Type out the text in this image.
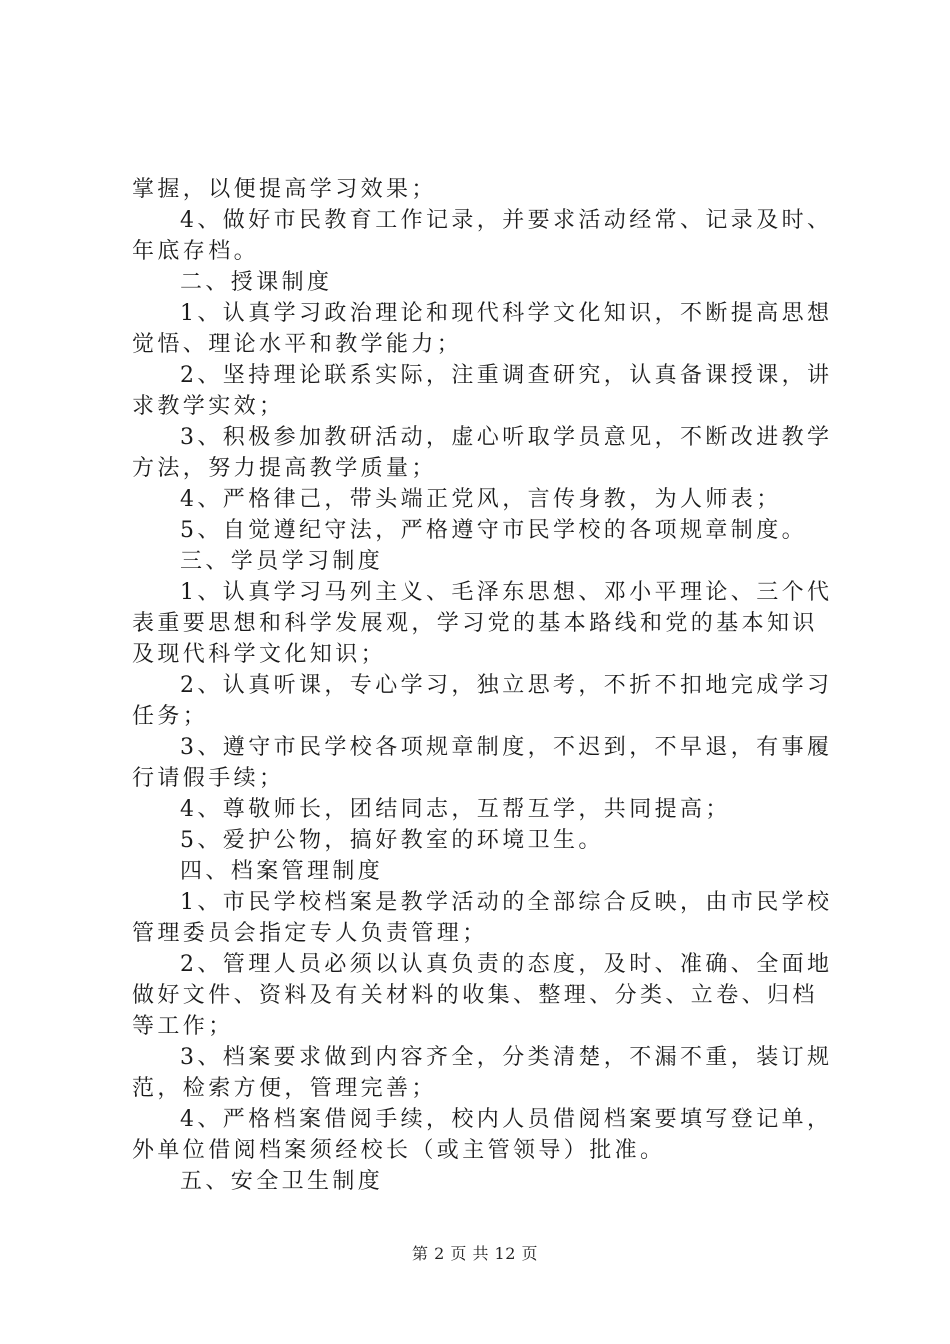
掌握，以便提高学习效果；
4、做好市民教育工作记录，并要求活动经常、记录及时、
年底存档。
二、授课制度
1、认真学习政治理论和现代科学文化知识，不断提高思想
觉悟、理论水平和教学能力；
2、坚持理论联系实际，注重调查研究，认真备课授课，讲
求教学实效；
3、积极参加教研活动，虚心听取学员意见，不断改进教学
方法，努力提高教学质量；
4、严格律己，带头端正党风，言传身教，为人师表；
5、自觉遵纪守法，严格遵守市民学校的各项规章制度。
三、学员学习制度
1、认真学习马列主义、毛泽东思想、邓小平理论、三个代
表重要思想和科学发展观，学习党的基本路线和党的基本知识
及现代科学文化知识；
2、认真听课，专心学习，独立思考，不折不扣地完成学习
任务；
3、遵守市民学校各项规章制度，不迟到，不早退，有事履
行请假手续；
4、尊敬师长，团结同志，互帮互学，共同提高；
5、爱护公物，搞好教室的环境卫生。
四、档案管理制度
1、市民学校档案是教学活动的全部综合反映，由市民学校
管理委员会指定专人负责管理；
2、管理人员必须以认真负责的态度，及时、准确、全面地
做好文件、资料及有关材料的收集、整理、分类、立卷、归档
等工作；
3、档案要求做到内容齐全，分类清楚，不漏不重，装订规
范，检索方便，管理完善；
4、严格档案借阅手续，校内人员借阅档案要填写登记单，
外单位借阅档案须经校长（或主管领导）批准。
五、安全卫生制度
第 2 页 共 12 页
